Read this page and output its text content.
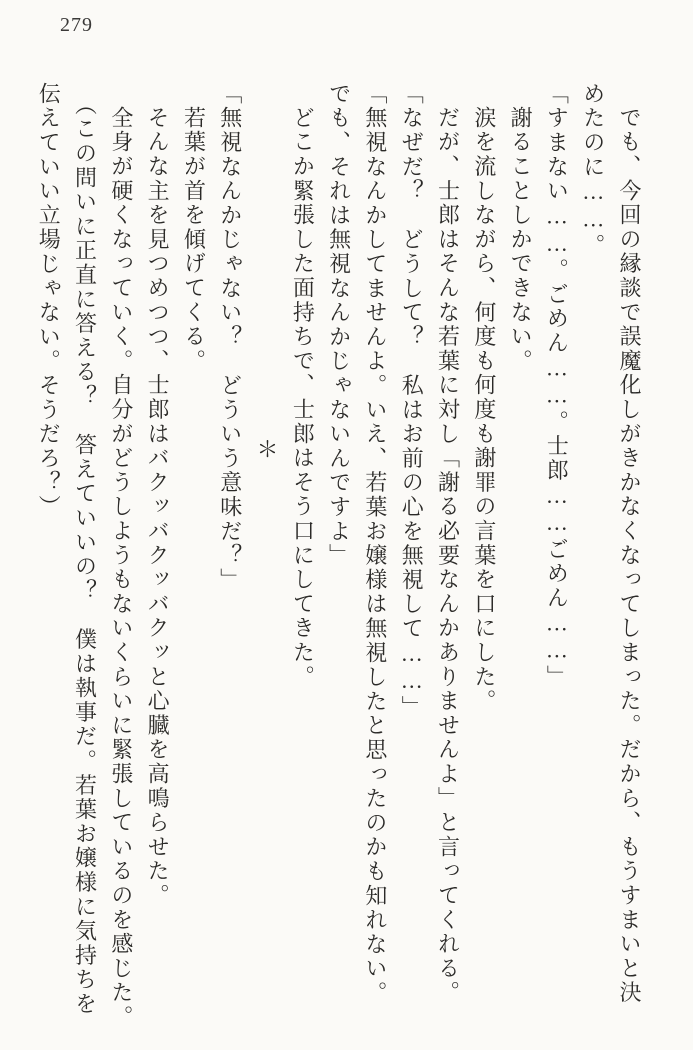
279

でも、今回の縁談で誤魔化しがきかなくなってしまった。だから、もうすまいと決

めたのに……。

「すまない……。ごめん……。士郎……ごめん……」

謝ることしかできない。

涙を流しながら、何度も何度も謝罪の言葉を口にした。

だが、士郎はそんな若葉に対し「謝る必要なんかありませんよ」と言ってくれる。

「なぜだ？　どうして？　私はお前の心を無視して……」

「無視なんかしてませんよ。いえ、若葉お嬢様は無視したと思ったのかも知れない。

でも、それは無視なんかじゃないんですよ」

どこか緊張した面持ちで、士郎はそう口にしてきた。

＊

「無視なんかじゃない？　どういう意味だ？」

若葉が首を傾げてくる。

そんな主を見つめつつ、士郎はバクッバクッバクッと心臓を高鳴らせた。

全身が硬くなっていく。自分がどうしようもないくらいに緊張しているのを感じた。

（この問いに正直に答える？　答えていいの？　僕は執事だ。若葉お嬢様に気持ちを

伝えていい立場じゃない。そうだろ？）
